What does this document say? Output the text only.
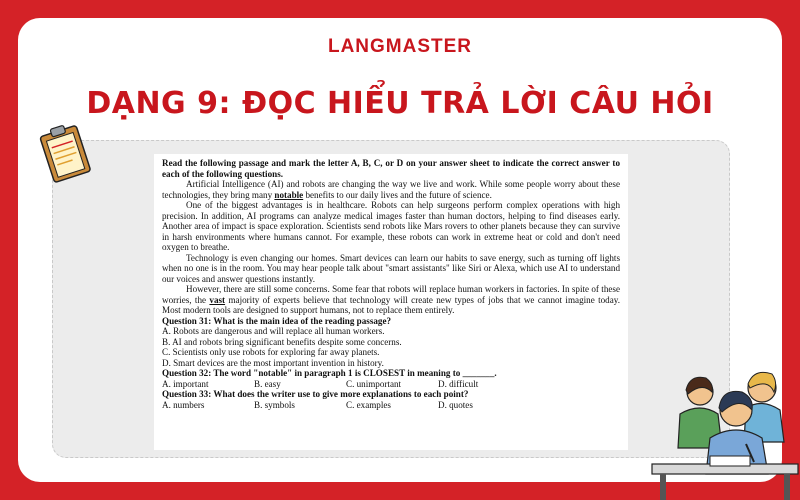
LANGMASTER
DẠNG 9: ĐỌC HIỂU TRẢ LỜI CÂU HỎI

Read the following passage and mark the letter A, B, C, or D on your answer sheet to indicate the correct answer to each of the following questions.

Artificial Intelligence (AI) and robots are changing the way we live and work. While some people worry about these technologies, they bring many notable benefits to our daily lives and the future of science.

One of the biggest advantages is in healthcare. Robots can help surgeons perform complex operations with high precision. In addition, AI programs can analyze medical images faster than human doctors, helping to find diseases early. Another area of impact is space exploration. Scientists send robots like Mars rovers to other planets because they can survive in harsh environments where humans cannot. For example, these robots can work in extreme heat or cold and don't need oxygen to breathe.

Technology is even changing our homes. Smart devices can learn our habits to save energy, such as turning off lights when no one is in the room. You may hear people talk about "smart assistants" like Siri or Alexa, which use AI to understand our voices and answer questions instantly.

However, there are still some concerns. Some fear that robots will replace human workers in factories. In spite of these worries, the vast majority of experts believe that technology will create new types of jobs that we cannot imagine today. Most modern tools are designed to support humans, not to replace them entirely.

Question 31: What is the main idea of the reading passage?

A. Robots are dangerous and will replace all human workers.

B. AI and robots bring significant benefits despite some concerns.

C. Scientists only use robots for exploring far away planets.

D. Smart devices are the most important invention in history.

Question 32: The word "notable" in paragraph 1 is CLOSEST in meaning to _______.

A. important	B. easy	C. unimportant	D. difficult

Question 33: What does the writer use to give more explanations to each point?

A. numbers	B. symbols	C. examples	D. quotes
